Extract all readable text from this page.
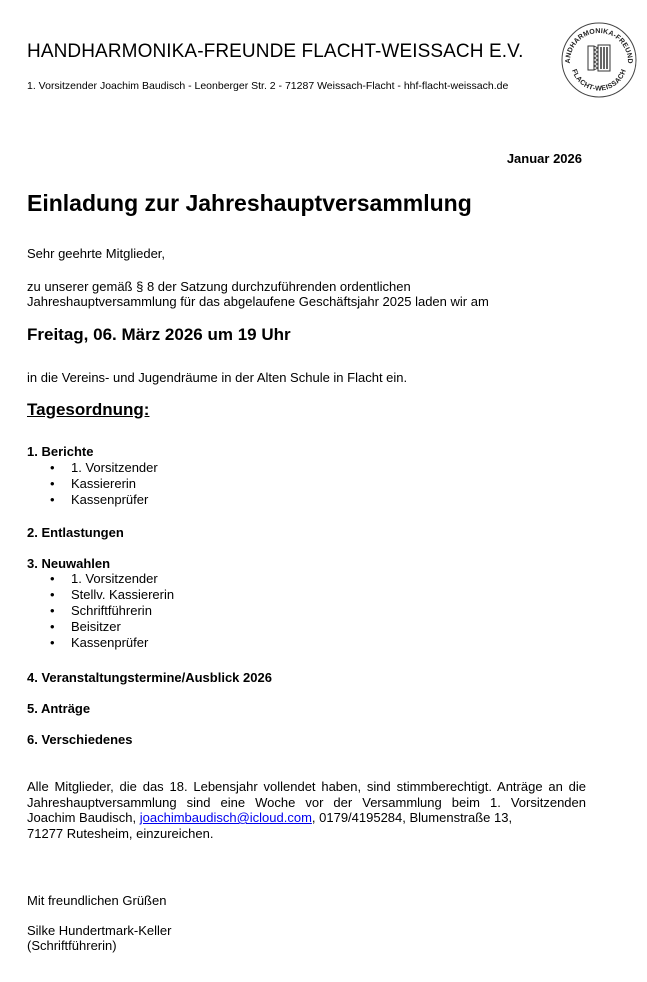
HANDHARMONIKA-FREUNDE FLACHT-WEISSACH E.V.
1. Vorsitzender Joachim Baudisch - Leonberger Str. 2 - 71287 Weissach-Flacht - hhf-flacht-weissach.de
ANDHARMONIKA-FREUND
FLACHT-WEISSACH
Januar 2026
Einladung zur Jahreshauptversammlung
Sehr geehrte Mitglieder,
zu unserer gemäß § 8 der Satzung durchzuführenden ordentlichen
Jahreshauptversammlung für das abgelaufene Geschäftsjahr 2025 laden wir am
Freitag, 06. März 2026 um 19 Uhr
in die Vereins- und Jugendräume in der Alten Schule in Flacht ein.
Tagesordnung:
1. Berichte
• 1. Vorsitzender
• Kassiererin
• Kassenprüfer
2. Entlastungen
3. Neuwahlen
• 1. Vorsitzender
• Stellv. Kassiererin
• Schriftführerin
• Beisitzer
• Kassenprüfer
4. Veranstaltungstermine/Ausblick 2026
5. Anträge
6. Verschiedenes
Alle Mitglieder, die das 18. Lebensjahr vollendet haben, sind stimmberechtigt. Anträge an die
Jahreshauptversammlung sind eine Woche vor der Versammlung beim 1. Vorsitzenden
Joachim Baudisch, joachimbaudisch@icloud.com, 0179/4195284, Blumenstraße 13,
71277 Rutesheim, einzureichen.
Mit freundlichen Grüßen
Silke Hundertmark-Keller
(Schriftführerin)
